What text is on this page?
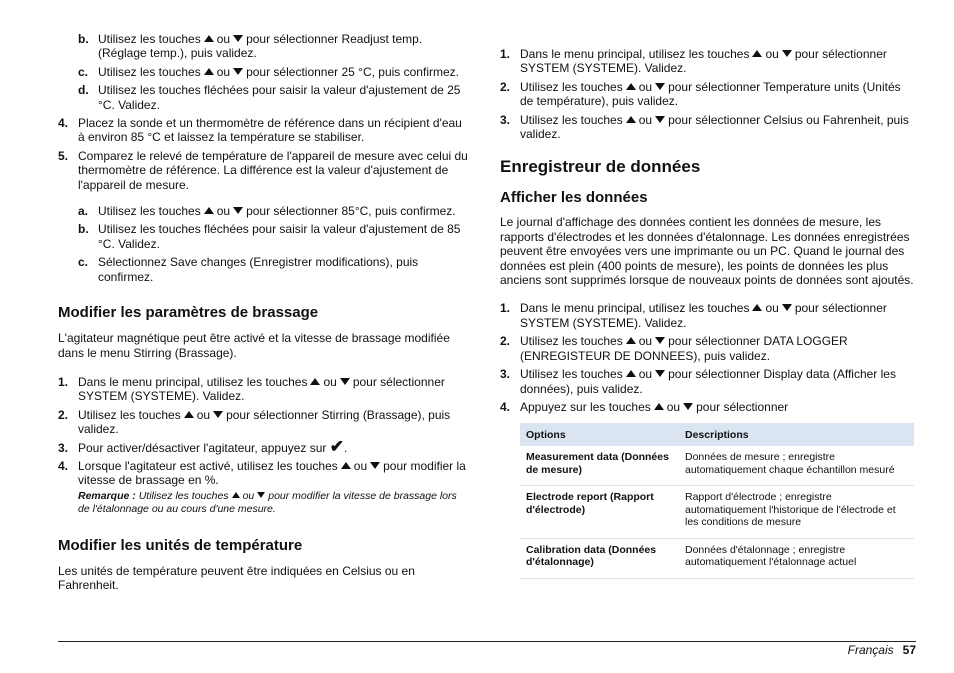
b. Utilisez les touches ou pour sélectionner Readjust temp. (Réglage temp.), puis validez.
c. Utilisez les touches ou pour sélectionner 25 °C, puis confirmez.
d. Utilisez les touches fléchées pour saisir la valeur d'ajustement de 25 °C. Validez.
4. Placez la sonde et un thermomètre de référence dans un récipient d'eau à environ 85 °C et laissez la température se stabiliser.
5. Comparez le relevé de température de l'appareil de mesure avec celui du thermomètre de référence. La différence est la valeur d'ajustement de l'appareil de mesure.
a. Utilisez les touches ou pour sélectionner 85°C, puis confirmez.
b. Utilisez les touches fléchées pour saisir la valeur d'ajustement de 85 °C. Validez.
c. Sélectionnez Save changes (Enregistrer modifications), puis confirmez.
Modifier les paramètres de brassage

L'agitateur magnétique peut être activé et la vitesse de brassage modifiée dans le menu Stirring (Brassage).

1. Dans le menu principal, utilisez les touches ou pour sélectionner SYSTEM (SYSTEME). Validez.
2. Utilisez les touches ou pour sélectionner Stirring (Brassage), puis validez.
3. Pour activer/désactiver l'agitateur, appuyez sur ✔.
4. Lorsque l'agitateur est activé, utilisez les touches ou pour modifier la vitesse de brassage en %.
Remarque : Utilisez les touches ou pour modifier la vitesse de brassage lors de l'étalonnage ou au cours d'une mesure.
Modifier les unités de température

Les unités de température peuvent être indiquées en Celsius ou en Fahrenheit.

1. Dans le menu principal, utilisez les touches ou pour sélectionner SYSTEM (SYSTEME). Validez.
2. Utilisez les touches ou pour sélectionner Temperature units (Unités de température), puis validez.
3. Utilisez les touches ou pour sélectionner Celsius ou Fahrenheit, puis validez.
Enregistreur de données
Afficher les données

Le journal d'affichage des données contient les données de mesure, les rapports d'électrodes et les données d'étalonnage. Les données enregistrées peuvent être envoyées vers une imprimante ou un PC. Quand le journal des données est plein (400 points de mesure), les points de données les plus anciens sont supprimés lorsque de nouveaux points de données sont ajoutés.

1. Dans le menu principal, utilisez les touches ou pour sélectionner SYSTEM (SYSTEME). Validez.
2. Utilisez les touches ou pour sélectionner DATA LOGGER (ENREGISTEUR DE DONNEES), puis validez.
3. Utilisez les touches ou pour sélectionner Display data (Afficher les données), puis validez.
4. Appuyez sur les touches ou pour sélectionner
Options	Descriptions
Measurement data (Données de mesure)	Données de mesure ; enregistre automatiquement chaque échantillon mesuré
Electrode report (Rapport d'électrode)	Rapport d'électrode ; enregistre automatiquement l'historique de l'électrode et les conditions de mesure
Calibration data (Données d'étalonnage)	Données d'étalonnage ; enregistre automatiquement l'étalonnage actuel
Français 57
